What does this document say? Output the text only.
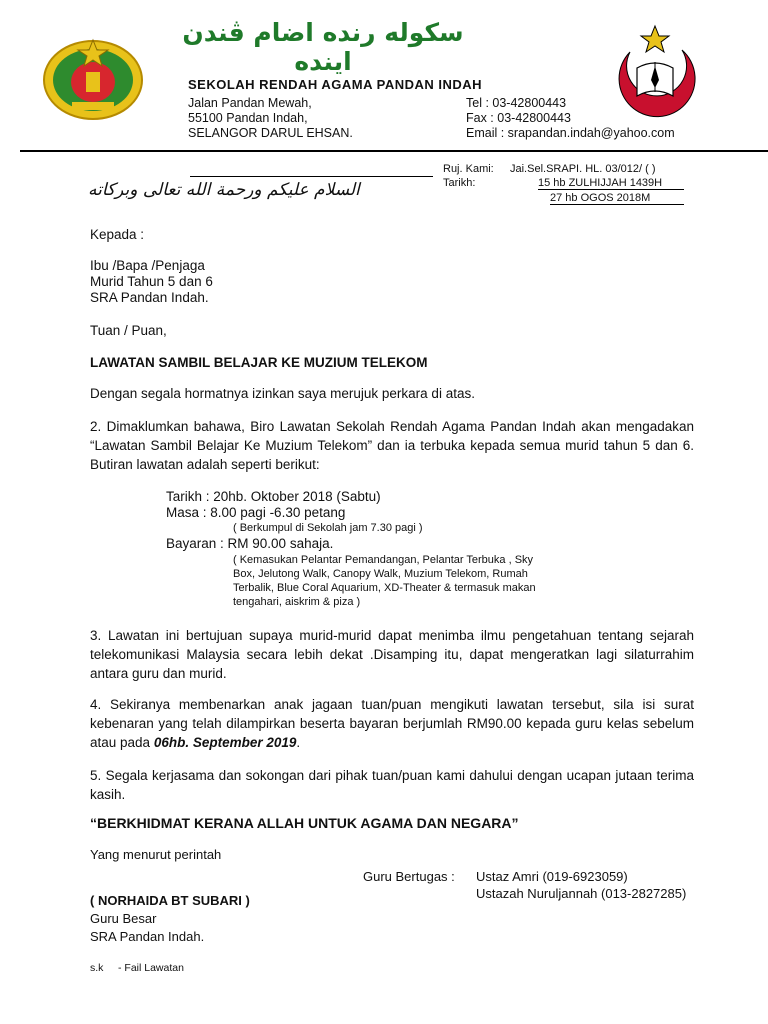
سكوله رنده اضام ڤندن ايندە
SEKOLAH RENDAH AGAMA PANDAN INDAH
Jalan Pandan Mewah,
55100 Pandan Indah,
SELANGOR DARUL EHSAN.
Tel : 03-42800443
Fax : 03-42800443
Email : srapandan.indah@yahoo.com
Ruj. Kami: Jai.Sel.SRAPI. HL. 03/012/ ( )
Tarikh:	15 hb ZULHIJJAH 1439H
27 hb OGOS 2018M
السلام عليكم ورحمة الله تعالى وبركاته
Kepada :
Ibu /Bapa /Penjaga
Murid Tahun 5 dan 6
SRA Pandan Indah.
Tuan / Puan,
LAWATAN SAMBIL BELAJAR KE MUZIUM TELEKOM
Dengan segala hormatnya izinkan saya merujuk perkara di atas.
2. Dimaklumkan bahawa, Biro Lawatan Sekolah Rendah Agama Pandan Indah akan mengadakan “Lawatan Sambil Belajar Ke Muzium Telekom” dan ia terbuka kepada semua murid tahun 5 dan 6. Butiran lawatan adalah seperti berikut:
Tarikh : 20hb. Oktober 2018 (Sabtu)
Masa : 8.00 pagi -6.30 petang
( Berkumpul di Sekolah jam 7.30 pagi )
Bayaran : RM 90.00 sahaja.
( Kemasukan Pelantar Pemandangan, Pelantar Terbuka , Sky
Box, Jelutong Walk, Canopy Walk, Muzium Telekom, Rumah
Terbalik, Blue Coral Aquarium, XD-Theater & termasuk makan
tengahari, aiskrim & piza )
3. Lawatan ini bertujuan supaya murid-murid dapat menimba ilmu pengetahuan tentang sejarah telekomunikasi Malaysia secara lebih dekat .Disamping itu, dapat mengeratkan lagi silaturrahim antara guru dan murid.
4. Sekiranya membenarkan anak jagaan tuan/puan mengikuti lawatan tersebut, sila isi surat kebenaran yang telah dilampirkan beserta bayaran berjumlah RM90.00 kepada guru kelas sebelum atau pada 06hb. September 2019.
5. Segala kerjasama dan sokongan dari pihak tuan/puan kami dahului dengan ucapan jutaan terima kasih.
“BERKHIDMAT KERANA ALLAH UNTUK AGAMA DAN NEGARA”
Yang menurut perintah
Guru Bertugas : Ustaz Amri (019-6923059)
Ustazah Nuruljannah (013-2827285)
( NORHAIDA BT SUBARI )
Guru Besar
SRA Pandan Indah.
s.k - Fail Lawatan
